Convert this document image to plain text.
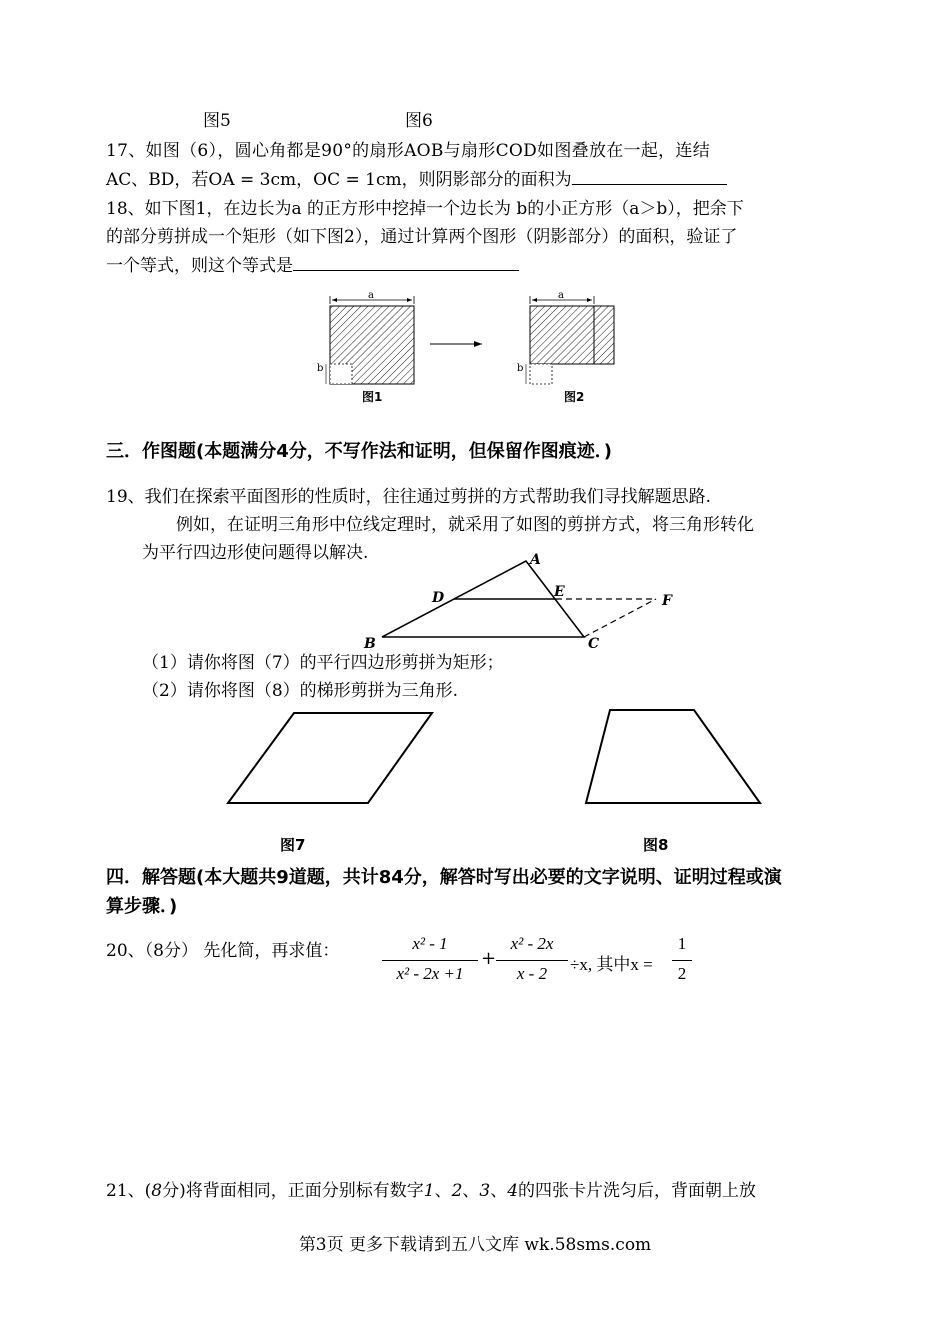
图5	图6
17、如图（6），圆心角都是90°的扇形AOB与扇形COD如图叠放在一起，连结
AC、BD，若OA = 3cm，OC = 1cm，则阴影部分的面积为
18、如下图1，在边长为a 的正方形中挖掉一个边长为 b的小正方形（a＞b），把余下
的部分剪拼成一个矩形（如下图2），通过计算两个图形（阴影部分）的面积，验证了
一个等式，则这个等式是
a
b
a
b
图1	图2
三．作图题(本题满分4分，不写作法和证明，但保留作图痕迹．)
19、我们在探索平面图形的性质时，往往通过剪拼的方式帮助我们寻找解题思路.
例如，在证明三角形中位线定理时，就采用了如图的剪拼方式，将三角形转化
为平行四边形使问题得以解决.	A
D	E
F
B	C
（1）请你将图（7）的平行四边形剪拼为矩形；
（2）请你将图（8）的梯形剪拼为三角形.
图7	图8
四．解答题(本大题共9道题，共计84分，解答时写出必要的文字说明、证明过程或演
算步骤．)
20、（8分） 先化简，再求值：	x² - 1
x² - 2x +1
+
x² - 2x
x - 2	÷x, 其中x =
1
2
21、(8分)将背面相同，正面分别标有数字1、2、3、4的四张卡片洗匀后，背面朝上放
第3页 更多下载请到五八文库 wk.58sms.com
